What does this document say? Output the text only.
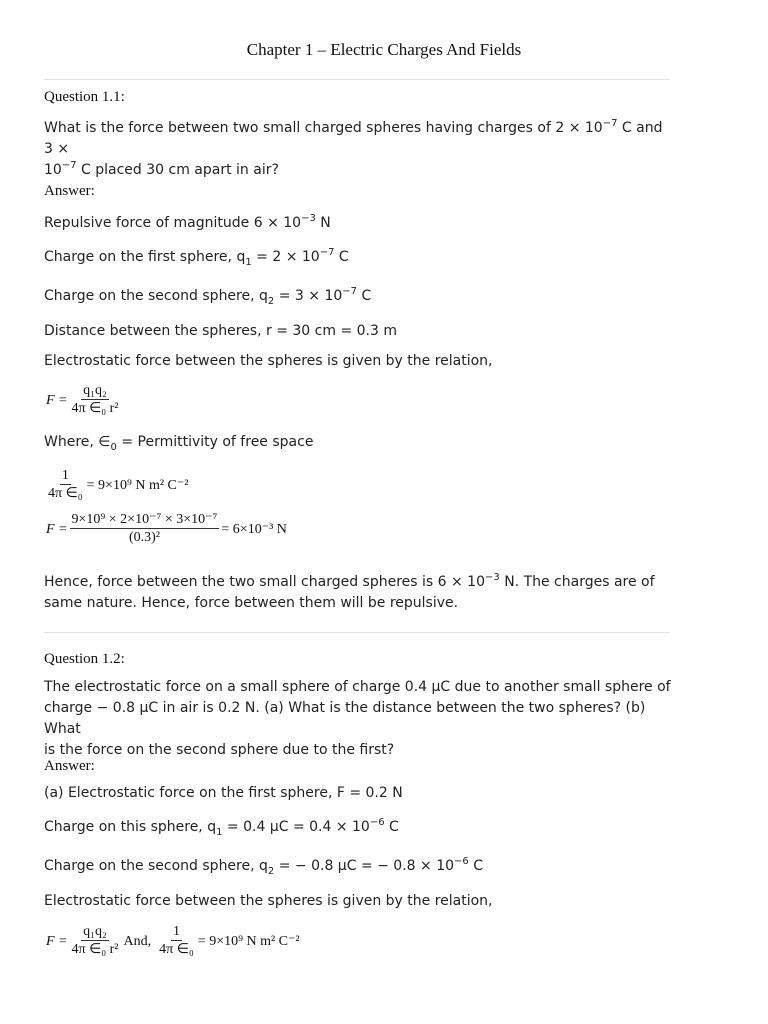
Chapter 1 – Electric Charges And Fields
Question 1.1:
What is the force between two small charged spheres having charges of $2 \times 10^{-7}$ C and 3 ×
$10^{-7}$ C placed 30 cm apart in air?
Answer:
Repulsive force of magnitude $6 \times 10^{-3}$ N
Charge on the first sphere, $q_1 = 2 \times 10^{-7}$ C
Charge on the second sphere, $q_2 = 3 \times 10^{-7}$ C
Distance between the spheres, r = 30 cm = 0.3 m
Electrostatic force between the spheres is given by the relation,
$F = \frac{\text{q₁q₂}}{\text{4π ∈₀ r²}}$
Where, $\in_0$ = Permittivity of free space
$\frac{1}{\text{4π ∈₀}} = 9\times 10^9$ N m² C⁻²
$F = \frac{\text{9×10⁹ × 2×10⁻⁷ × 3×10⁻⁷}}{\text{(0.3)²}} = 6\times 10^{-3}$ N
Hence, force between the two small charged spheres is $6 \times 10^{-3}$ N. The charges are of
same nature. Hence, force between them will be repulsive.
Question 1.2:
The electrostatic force on a small sphere of charge 0.4 μC due to another small sphere of
charge − 0.8 μC in air is 0.2 N. (a) What is the distance between the two spheres? (b) What
is the force on the second sphere due to the first?
Answer:
(a) Electrostatic force on the first sphere, F = 0.2 N
Charge on this sphere, $q_1 = 0.4$ $\mu C = 0.4 \times 10^{-6}$ C
Charge on the second sphere, $q_2$ = − 0.8 μC = − $0.8 \times 10^{-6}$ C
Electrostatic force between the spheres is given by the relation,
$F = \frac{\text{q₁q₂}}{\text{4π ∈₀ r²}}$ And, $\frac{1}{\text{4π ∈₀}} = 9\times 10^9$ N m² C⁻²
